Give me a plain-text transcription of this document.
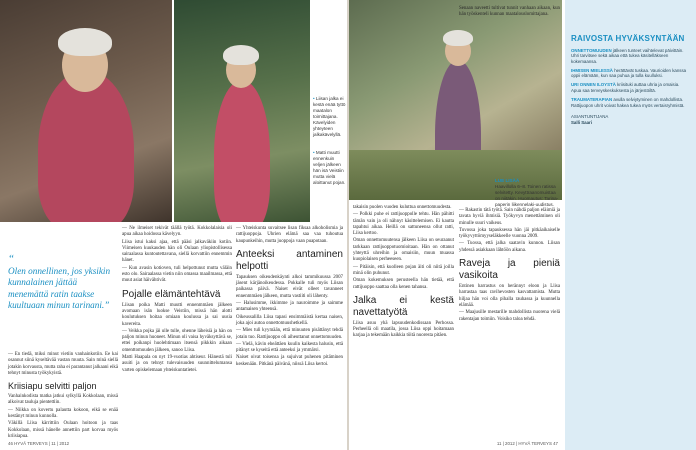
• Liisan jalka ei kestä enää tyttö maatalon toimittajana. Kävelyiden yhteyteen jalkakävelyllä.
• Matti muutti ennenkuin veljen jälkeen hän isä Veistiin mutta vielä aloittanut pojan.
“
Olen onnellinen, jos yksikin kunnalainen jättää menemättä ratin taakse kuultuaan minun tarinani.”

— En tiedä, miksi minut vietiin vanhainkotiin. Ee kai osannut siinä kyseltävää vastan muuta. Sain minä siellä jotakin korvausta, mutta raha ei parantanut jalkaani eikä tehnyt minusta työkykyistä.

Kriisiapu selvitti paljon

Vanhainkodista matka jatkui sylkyllä Kokkolaan, missä alkoivat tauluja pientettiin.

— Niikka on kovertu palautta kokoon, eikä se enää kestänyt minun kunnolla.

Väkillä Liisa kärrittiin Oulaan hoitoon ja taas Kokkolaan, missä hänelle annettiin part korvaa myös kriisiapua.

— Ne ilmeiset tekivät täällä työtä. Kokkolalaisia oli apua aikaa hoidossa kävelyyn.

Liisa istui kaksi ajaa, että pääsi jalkaväkiin kotiin. Viimeisen kuukauden hän oli Oulaan yliopistollisessa sairaalassa kuntoutettavana, siellä korvattiin ennemmin hänet.

— Kun avasin kotioven, tuli helpottunut mutta väläin esto olo. Sairaalassa vietin niin omassa maailmassa, että muut asiat häivähtivät.

Pojalle elämäntehtävä

Liisan poika Matti muutti ennenmmäen jälkeen avomaan isän luokse Veistiin, missä hän alotti koulutuksen hoitaa omiaan koulussa ja sai uusia kavereita.

— Veikka pojka jäi ulle tulle, ohenne läheisiä ja hän on paljon minun huoneet. Minun oli vaisa hyväksyttävä se, ettei poikanpi huolehtimaan itsensä pikkkin aikaan omenttomuuden jälkeen, sanoo Liisa.

Matti Haapala on nyt 19-vuotias ahtiseur. Hänestä tuli asuiti ja on tehnyt tulevaisuuden suunnittelumansa varten opiskelemaan yhteiskuntatietei.

— Yhteiskunta suvaitsee lisan fiksaa alkoholismia ja rattijuoppoja. Uhrien elämä saa vaa tuhoutua kaupunkeihin, mutta juoppoja vaan puapotaan.

Anteeksi antaminen helpotti

Tapauksen oikeudenkäynti alkoi tammikuussa 2007 jäsent kärjänoikeudessa. Pokkalle tuli myös Liisan paikassa päivä. Naiset eivät olleet tavanneet ennenmmäen jälkeen, mutta vastiiti oli lähenty.

— Halusimme, ikkimme ja nauroimme ja saimme antamaisen yhteensä.

Oikeussalilla Liisa tapasi ensimmäistä kertaa naisen, joka ajoi autoa onnettomuushetkellä.

— Mies tuli kyymään, että minuuten pisättänyt tehdä jotain tuo. Rattijuoppo oli aiheuttanut onnettomuuden.

— Vielä, kävin eheättäen kuulin kaikesta halusin, että pitänyt se kyseitä että anteeksi ja ymmärsi.

Naiset oivat toisensa ja sujuivat puhenen pitäminen keskenään. Pitkänä päivänä, niissä Liisa kertoi.

46 HYVÄ TERVEYS | 11 | 2012
LUE LISÄÄ
Haavillolla 6–8. Toinen ratissa selvitetty. Kevyttraanomuistaa on niitäkin. Huomautus: Tarina-paperin liikennelaki-uudistus.

takaisin puolen vuoden kuluttua onnettomuudesta.

— Polkki puhe ei rattijuoppolle tehtu. Hän pähitti tämän vain ja oli nähnyt käsittelemisen. Ei kautta tapahtui aikaa. Heillä on sattuneensa ollut ratti, Liisa kertoo.

Oman onnettomuutensa jälkeen Liisa on seuraanut tarkkaan rattijuoppotuomioitaan. Hän on ottanut yhteyttä uhreihin ja omaisiin, muun muassa kuopiolaisen perheeseen.

— Pitäisin, että kuolleen pojan äiti oli niitä joilla minä olin puhunut.

Oman kokemuksen perusteella hän tietää, että rattijuoppo saattaa olla kenen tahansa.

Jalka ei kestä navettatyötä

Liisa asuu yhä lapsuudenkodissaan Perhossa. Perheellä oli maatila, jossa Liisa oppi hoitamaan karjaa ja tekemään kaikkia töitä nuoresta pitäen.

Senaan naveetti tultivat tunnit vanhaan aikaan, kun hän työskenteli kunnan maatalouslomittajana.

— Rakastin tätä työtä. Sain nähdä paljon eläimiä ja tavata hyviä ihmisiä. Työkyvyn menettäminen oli minulle suuri vaikeus.

Tuvossa joka tapauksessa hän jäi pitkäaikaiselle työkyvyttömyyseläkkeelle vuonna 2009.

— Tuossa, että jalka saatavin kunnon. Liisan yhdessä asiakkaan lähtöön aikana.

Raveja ja pieniä vasikoita

Entinen harrastus on herännyt eloon ja Liisa harrastaa taas ravihevosten kasvattamista. Mutta hiljaa hän voi olla pihalla rauhassa ja kuunnella elämää.

— Maajusille mestarille mahdollista nuorena vielä rakentajan toimiin. Voisiko taloa tehdä.

11 | 2012 | HYVÄ TERVEYS 47
RAIVOSTA HYVÄKSYNTÄÄN
ONNETTOMUUDEN jälkeen tunteet vaihtelevat päivittäin. Uhri tarvitsee sekä aikaa että tukea käsitelläkseen kokemaansa.
IHMISEN MIELESSÄ herättävät tuskaa. Vaurioiden kanssa oppii elämään, kun saa puhua ja tulla kuulluksi.
URI ONNEN ILOYSTÄ kriisituki auttaa uhria ja omaisia. Apua saa terveyskeskuksesta ja järjestöiltä.
TRAUMATERAPIAN avulla selviytyminen on mahdollista. Rattijuopon uhrit voivat hakea tukea myös vertaisryhmistä.
ASIANTUNTIJANA
Salli Saari
